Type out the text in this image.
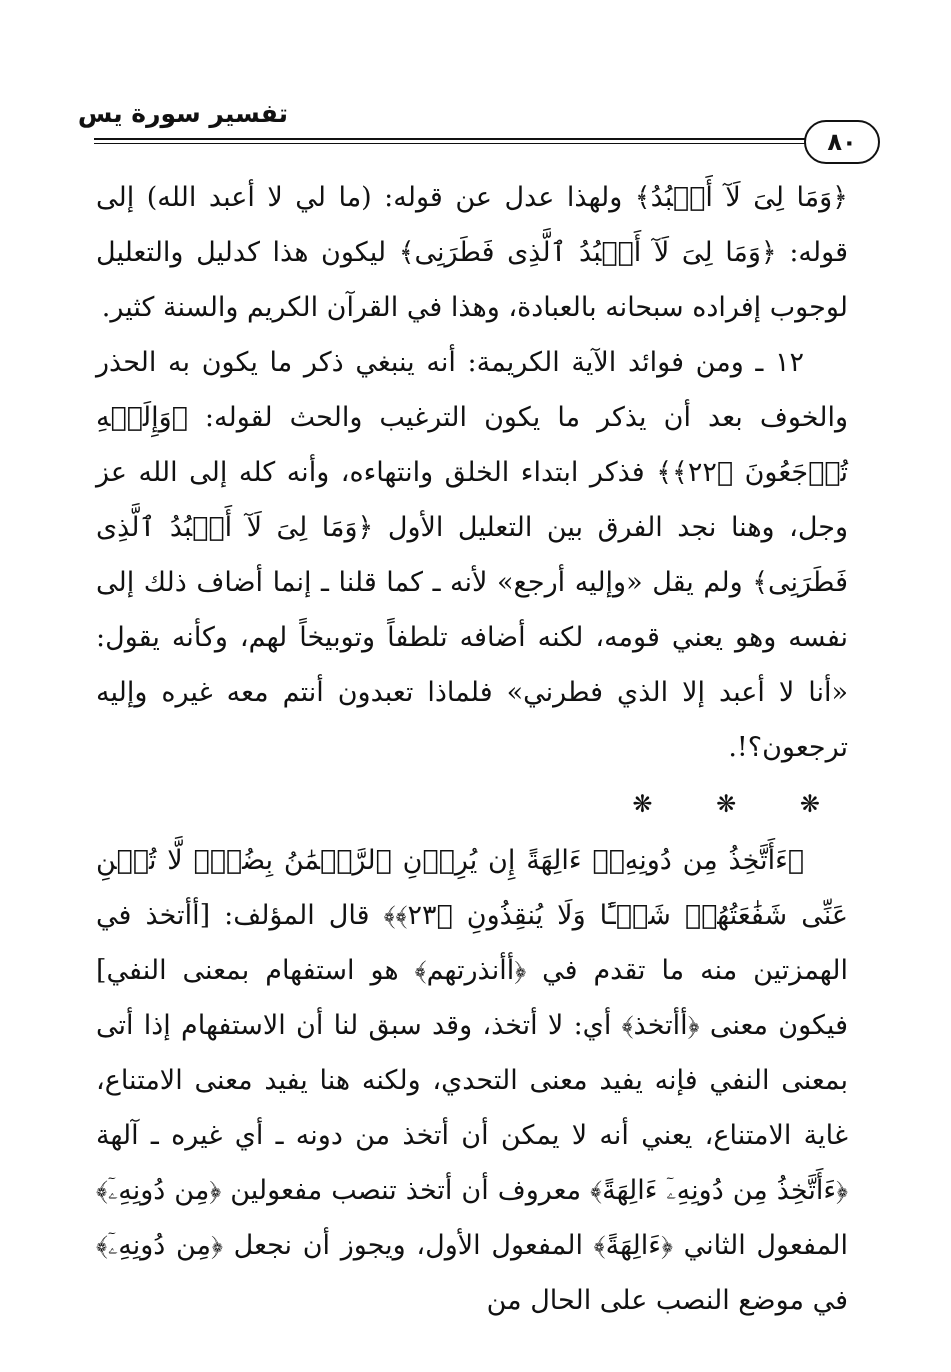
تفسير سورة يس
٨٠

﴿وَمَا لِىَ لَآ أَعۡبُدُ﴾ ولهذا عدل عن قوله: (ما لي لا أعبد الله) إلى قوله: ﴿وَمَا لِىَ لَآ أَعۡبُدُ ٱلَّذِى فَطَرَنِى﴾ ليكون هذا كدليل والتعليل لوجوب إفراده سبحانه بالعبادة، وهذا في القرآن الكريم والسنة كثير.

١٢ ـ ومن فوائد الآية الكريمة: أنه ينبغي ذكر ما يكون به الحذر والخوف بعد أن يذكر ما يكون الترغيب والحث لقوله: ﴿وَإِلَيۡهِ تُرۡجَعُونَ ﴿٢٢﴾﴾ فذكر ابتداء الخلق وانتهاءه، وأنه كله إلى الله عز وجل، وهنا نجد الفرق بين التعليل الأول ﴿وَمَا لِىَ لَآ أَعۡبُدُ ٱلَّذِى فَطَرَنِى﴾ ولم يقل «وإليه أرجع» لأنه ـ كما قلنا ـ إنما أضاف ذلك إلى نفسه وهو يعني قومه، لكنه أضافه تلطفاً وتوبيخاً لهم، وكأنه يقول: «أنا لا أعبد إلا الذي فطرني» فلماذا تعبدون أنتم معه غيره وإليه ترجعون؟!.

❋ ❋ ❋

﴿ءَأَتَّخِذُ مِن دُونِهِۦٓ ءَالِهَةً إِن يُرِدۡنِ ٱلرَّحۡمَٰنُ بِضُرّٖ لَّا تُغۡنِ عَنِّى شَفَٰعَتُهُمۡ شَيۡـًٔا وَلَا يُنقِذُونِ ﴿٢٣﴾﴾ قال المؤلف: [أأتخذ في الهمزتين منه ما تقدم في ﴿أأنذرتهم﴾ هو استفهام بمعنى النفي] فيكون معنى ﴿أأتخذ﴾ أي: لا أتخذ، وقد سبق لنا أن الاستفهام إذا أتى بمعنى النفي فإنه يفيد معنى التحدي، ولكنه هنا يفيد معنى الامتناع، غاية الامتناع، يعني أنه لا يمكن أن أتخذ من دونه ـ أي غيره ـ آلهة ﴿ءَأَتَّخِذُ مِن دُونِهِۦٓ ءَالِهَةً﴾ معروف أن أتخذ تنصب مفعولين ﴿مِن دُونِهِۦٓ﴾ المفعول الثاني ﴿ءَالِهَةً﴾ المفعول الأول، ويجوز أن نجعل ﴿مِن دُونِهِۦٓ﴾ في موضع النصب على الحال من
